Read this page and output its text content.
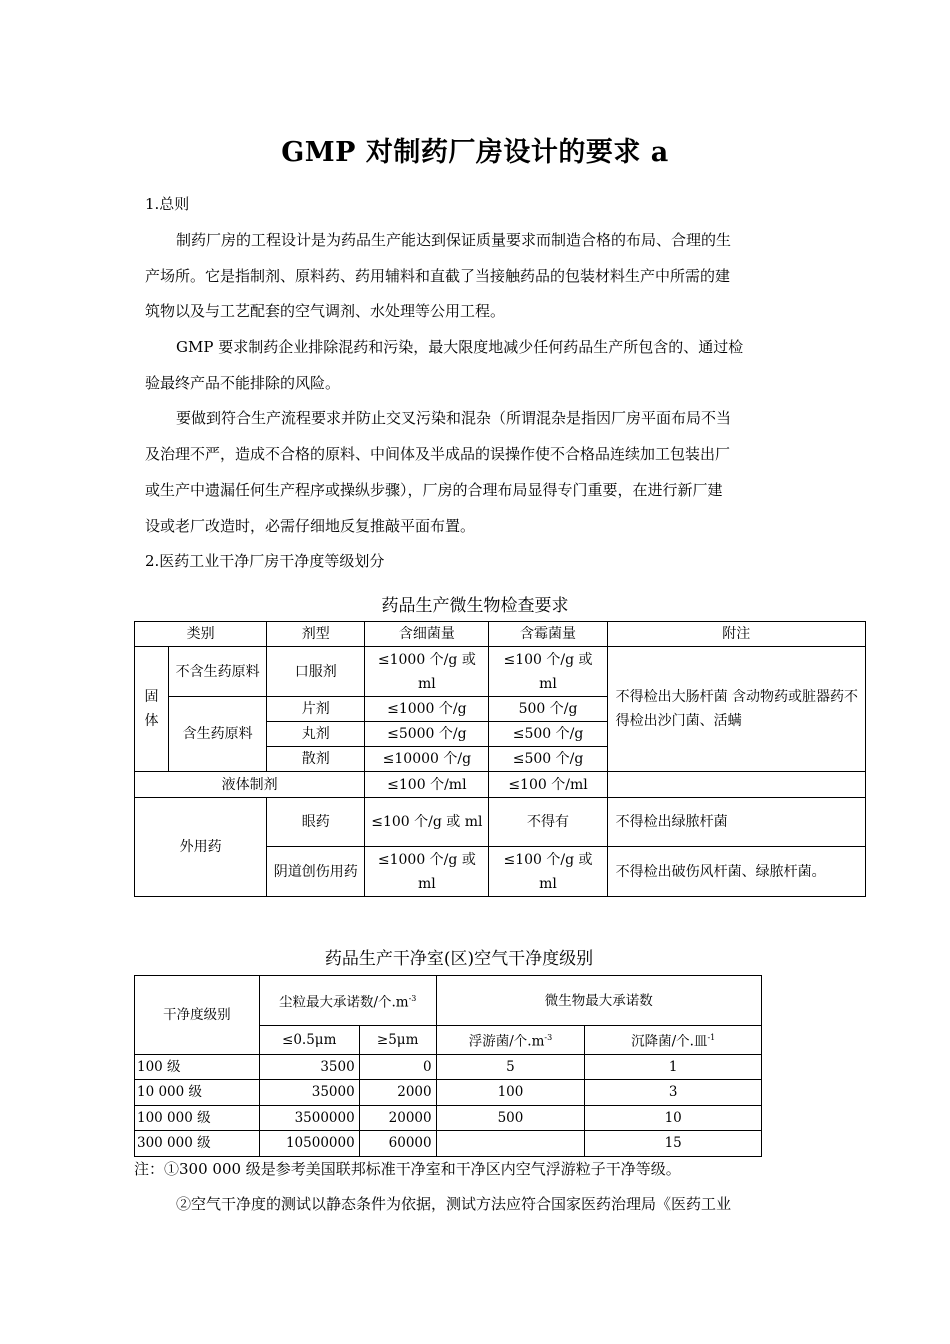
GMP 对制药厂房设计的要求 a
1.总则
制药厂房的工程设计是为药品生产能达到保证质量要求而制造合格的布局、合理的生
产场所。它是指制剂、原料药、药用辅料和直截了当接触药品的包装材料生产中所需的建
筑物以及与工艺配套的空气调剂、水处理等公用工程。
GMP 要求制药企业排除混药和污染，最大限度地减少任何药品生产所包含的、通过检
验最终产品不能排除的风险。
要做到符合生产流程要求并防止交叉污染和混杂（所谓混杂是指因厂房平面布局不当
及治理不严，造成不合格的原料、中间体及半成品的误操作使不合格品连续加工包装出厂
或生产中遗漏任何生产程序或操纵步骤），厂房的合理布局显得专门重要，在进行新厂建
设或老厂改造时，必需仔细地反复推敲平面布置。
2.医药工业干净厂房干净度等级划分
药品生产微生物检查要求
类别		剂型	含细菌量	含霉菌量	附注
固体	不含生药原料	口服剂	≤1000 个/g 或 ml	≤100 个/g 或 ml	不得检出大肠杆菌 含动物药或脏器药不得检出沙门菌、活螨
	含生药原料	片剂	≤1000 个/g	500 个/g	
		丸剂	≤5000 个/g	≤500 个/g	
		散剂	≤10000 个/g	≤500 个/g	
液体制剂			≤100 个/ml	≤100 个/ml	
外用药		眼药	≤100 个/g 或 ml	不得有	不得检出绿脓杆菌
		阴道创伤用药	≤1000 个/g 或 ml	≤100 个/g 或 ml	不得检出破伤风杆菌、绿脓杆菌。
药品生产干净室(区)空气干净度级别
干净度级别	尘粒最大承诺数/个$.m^{-3}$		微生物最大承诺数	
	≤0.5μm	≥5μm	浮游菌/个$.m^{-3}$	沉降菌/个.皿$^{-1}$
100 级	3500	0	5	1
10 000 级	35000	2000	100	3
100 000 级	3500000	20000	500	10
300 000 级	10500000	60000		15
注：①300 000 级是参考美国联邦标准干净室和干净区内空气浮游粒子干净等级。
②空气干净度的测试以静态条件为依据，测试方法应符合国家医药治理局《医药工业
